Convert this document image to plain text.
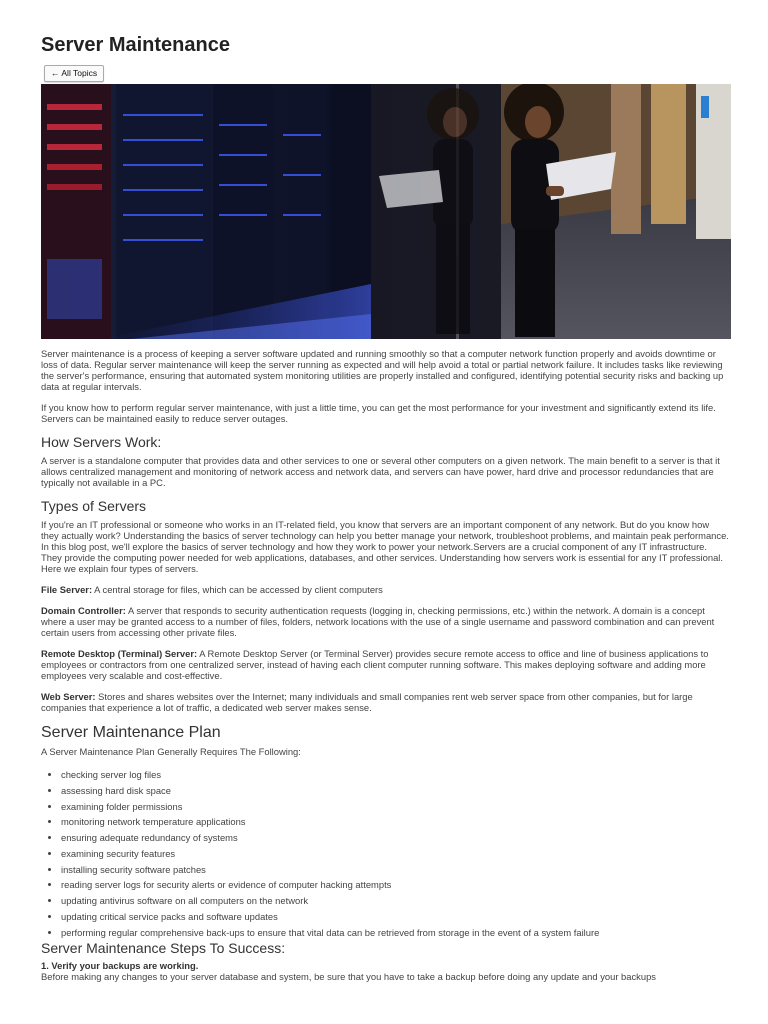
Server Maintenance
← All Topics

Server maintenance is a process of keeping a server software updated and running smoothly so that a computer network function properly and avoids downtime or loss of data. Regular server maintenance will keep the server running as expected and will help avoid a total or partial network failure. It includes tasks like reviewing the server's performance, ensuring that automated system monitoring utilities are properly installed and configured, identifying potential security risks and backing up data at regular intervals.

If you know how to perform regular server maintenance, with just a little time, you can get the most performance for your investment and significantly extend its life. Servers can be maintained easily to reduce server outages.

How Servers Work:

A server is a standalone computer that provides data and other services to one or several other computers on a given network. The main benefit to a server is that it allows centralized management and monitoring of network access and network data, and servers can have power, hard drive and processor redundancies that are typically not available in a PC.

Types of Servers

If you're an IT professional or someone who works in an IT-related field, you know that servers are an important component of any network. But do you know how they actually work? Understanding the basics of server technology can help you better manage your network, troubleshoot problems, and maintain peak performance. In this blog post, we'll explore the basics of server technology and how they work to power your network.Servers are a crucial component of any IT infrastructure. They provide the computing power needed for web applications, databases, and other services. Understanding how servers work is essential for any IT professional. Here we explain four types of servers.

File Server: A central storage for files, which can be accessed by client computers

Domain Controller: A server that responds to security authentication requests (logging in, checking permissions, etc.) within the network. A domain is a concept where a user may be granted access to a number of files, folders, network locations with the use of a single username and password combination and can prevent certain users from accessing other private files.

Remote Desktop (Terminal) Server: A Remote Desktop Server (or Terminal Server) provides secure remote access to office and line of business applications to employees or contractors from one centralized server, instead of having each client computer running software. This makes deploying software and adding more employees very scalable and cost-effective.

Web Server: Stores and shares websites over the Internet; many individuals and small companies rent web server space from other companies, but for large companies that experience a lot of traffic, a dedicated web server makes sense.

Server Maintenance Plan

A Server Maintenance Plan Generally Requires The Following:

• checking server log files
• assessing hard disk space
• examining folder permissions
• monitoring network temperature applications
• ensuring adequate redundancy of systems
• examining security features
• installing security software patches
• reading server logs for security alerts or evidence of computer hacking attempts
• updating antivirus software on all computers on the network
• updating critical service packs and software updates
• performing regular comprehensive back-ups to ensure that vital data can be retrieved from storage in the event of a system failure
Server Maintenance Steps To Success:

1. Verify your backups are working.
Before making any changes to your server database and system, be sure that you have to take a backup before doing any update and your backups
